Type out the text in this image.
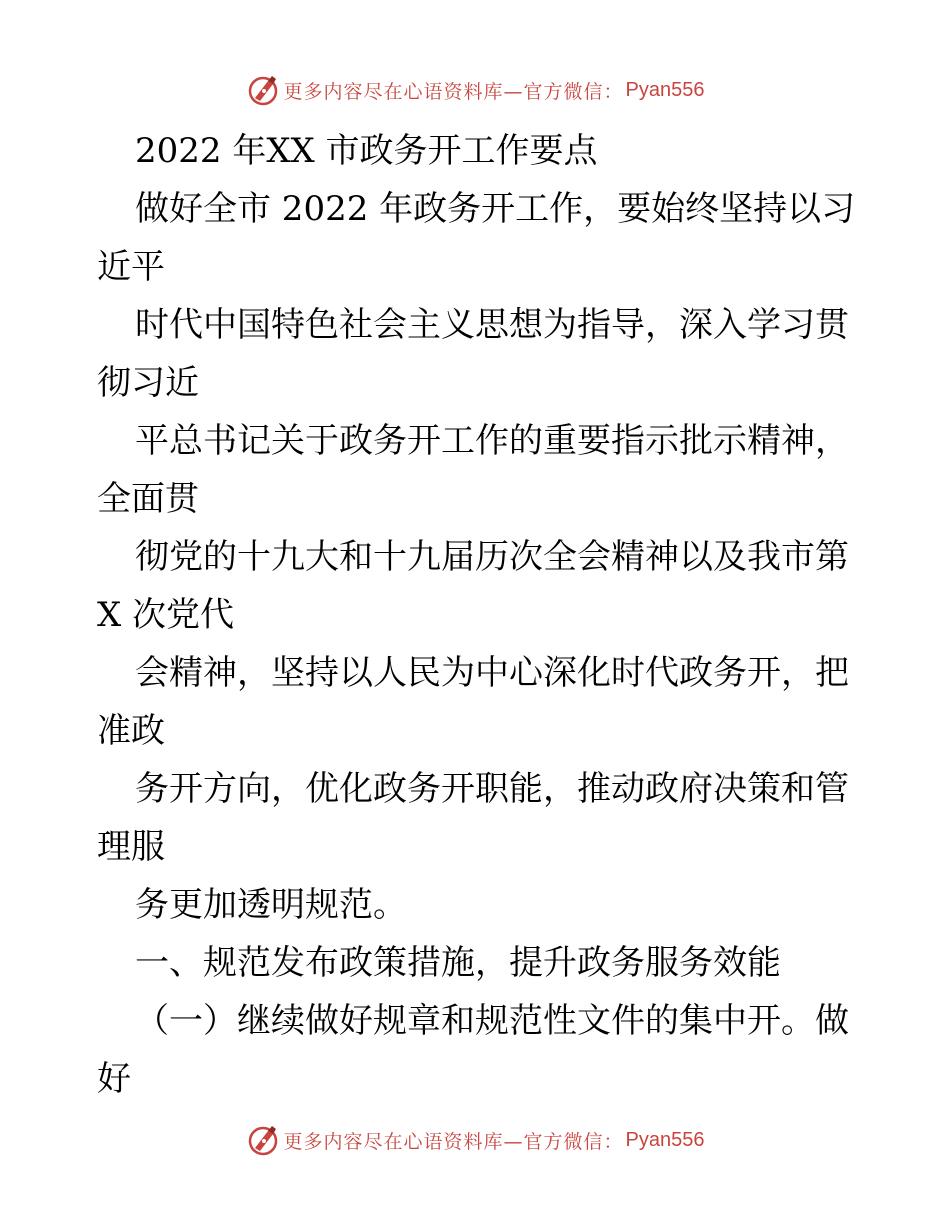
更多内容尽在心语资料库—官方微信： Pyan556
2022 年XX 市政务开工作要点
做好全市 2022 年政务开工作，要始终坚持以习
近平
时代中国特色社会主义思想为指导，深入学习贯
彻习近
平总书记关于政务开工作的重要指示批示精神，
全面贯
彻党的十九大和十九届历次全会精神以及我市第
X 次党代
会精神，坚持以人民为中心深化时代政务开，把
准政
务开方向，优化政务开职能，推动政府决策和管
理服
务更加透明规范。
一、规范发布政策措施，提升政务服务效能
（一）继续做好规章和规范性文件的集中开。做
好
更多内容尽在心语资料库—官方微信： Pyan556
